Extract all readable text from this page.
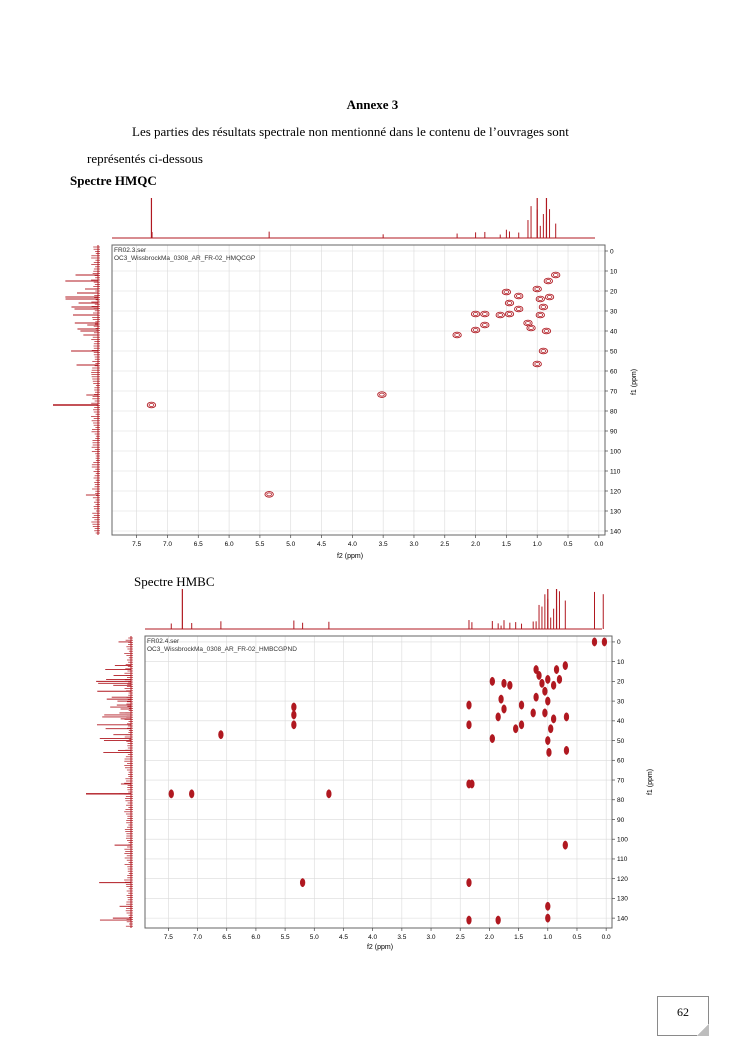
Annexe 3
Les parties des résultats spectrale non mentionné dans le contenu de l’ouvrages sont
représentés ci-dessous
Spectre HMQC
FR02.3.ser
OC3_WissbrockMa_0308_AR_FR-02_HMQCGP
7.5	7.0	6.5	6.0	5.5	5.0	4.5	4.0	3.5	3.0	2.5	2.0	1.5	1.0	0.5	0.0
0
10
20
30
40
50
60
70
80
90
100
110
120
130
140
f2 (ppm)
f1 (ppm)
Spectre HMBC
FR02.4.ser
OC3_WissbrockMa_0308_AR_FR-02_HMBCGPND
7.5	7.0	6.5	6.0	5.5	5.0	4.5	4.0	3.5	3.0	2.5	2.0	1.5	1.0	0.5	0.0
0
10
20
30
40
50
60
70
80
90
100
110
120
130
140
f2 (ppm)
f1 (ppm)
62
